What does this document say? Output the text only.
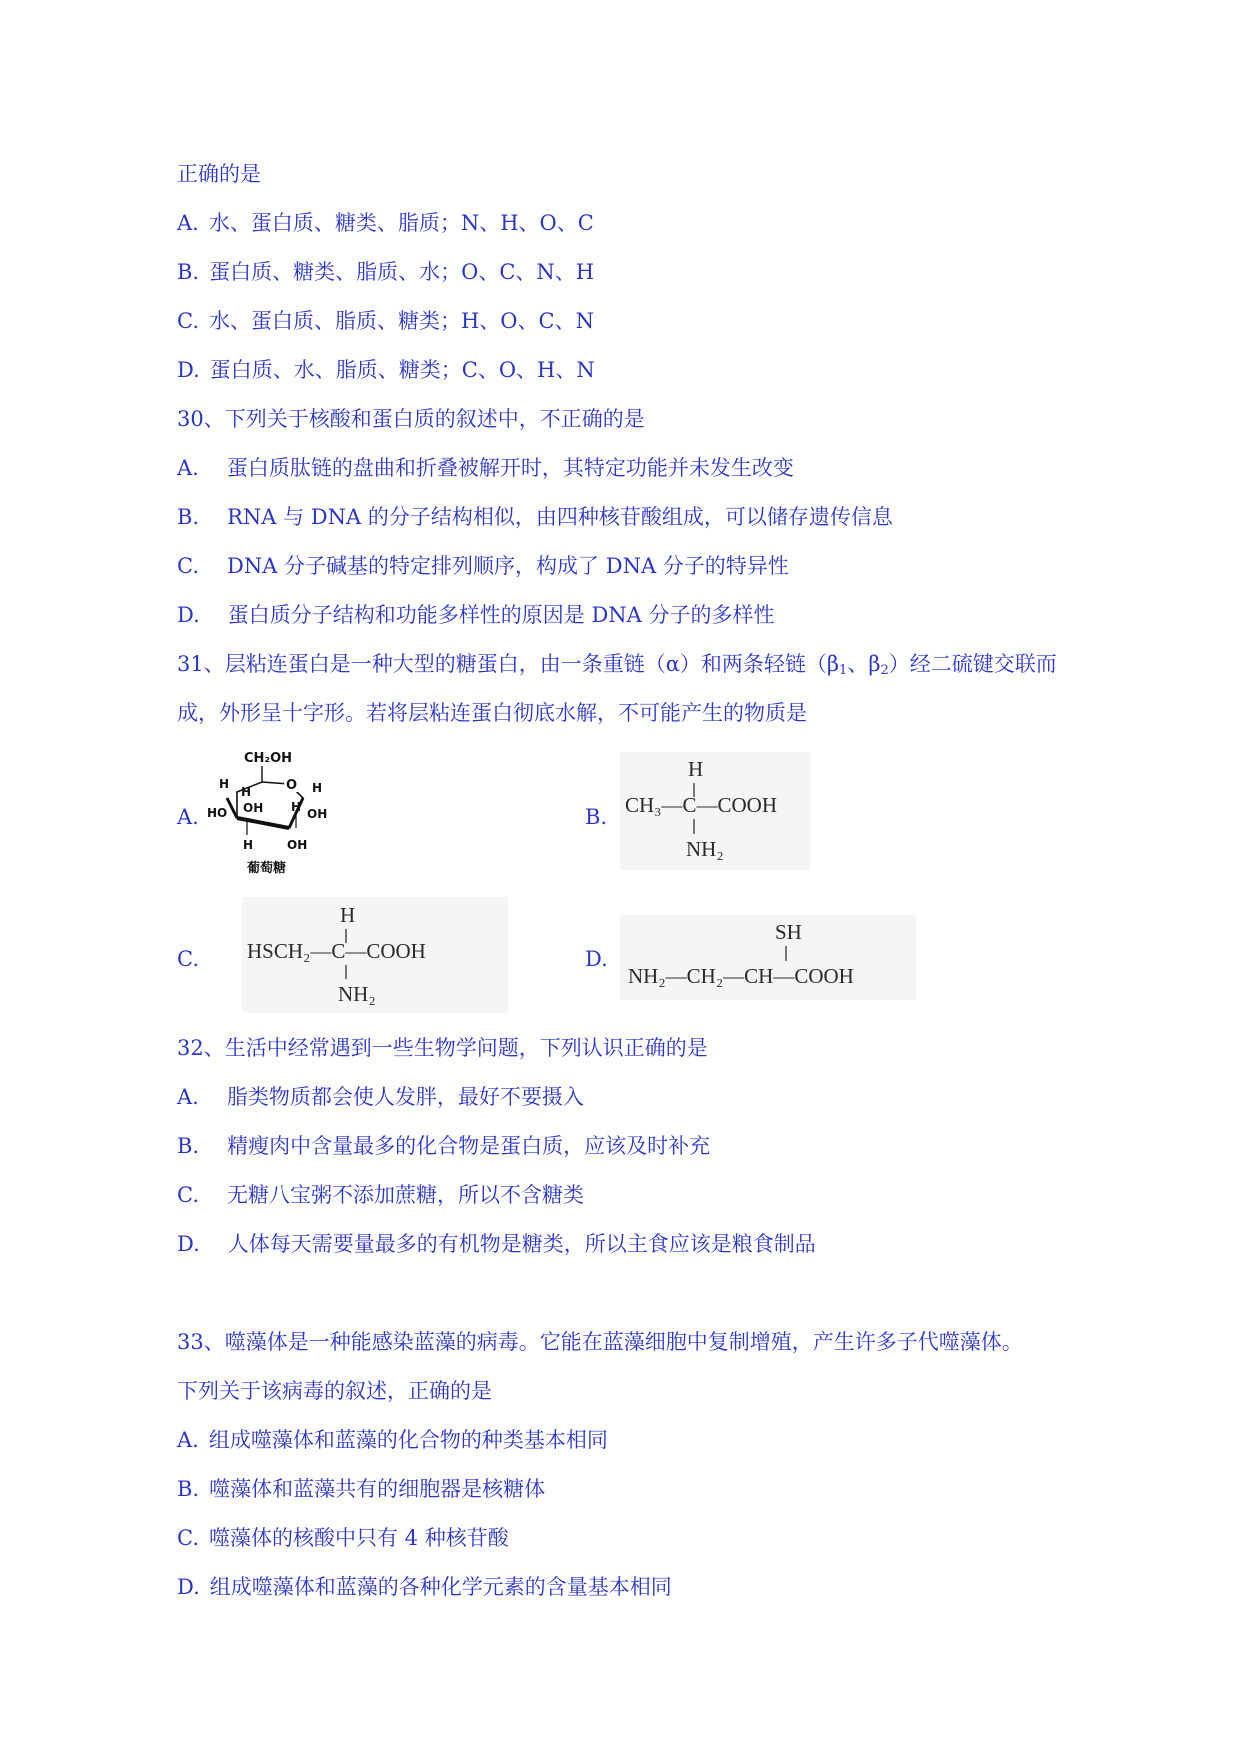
正确的是
A. 水、蛋白质、糖类、脂质；N、H、O、C
B. 蛋白质、糖类、脂质、水；O、C、N、H
C. 水、蛋白质、脂质、糖类；H、O、C、N
D. 蛋白质、水、脂质、糖类；C、O、H、N
30、下列关于核酸和蛋白质的叙述中，不正确的是
A. 蛋白质肽链的盘曲和折叠被解开时，其特定功能并未发生改变
B. RNA 与 DNA 的分子结构相似，由四种核苷酸组成，可以储存遗传信息
C. DNA 分子碱基的特定排列顺序，构成了 DNA 分子的特异性
D. 蛋白质分子结构和功能多样性的原因是 DNA 分子的多样性
31、层粘连蛋白是一种大型的糖蛋白，由一条重链（α）和两条轻链（$\beta_1$、$\beta_2$）经二硫键交联而
成，外形呈十字形。若将层粘连蛋白彻底水解，不可能产生的物质是
A.
CH₂OH
O
H
H	H
H
OH
HO	OH
H	OH
葡萄糖
B.
H
CH₃—C—COOH
NH₂
C.
H
HSCH₂—C—COOH
NH₂
D.
SH
NH₂—CH₂—CH—COOH
32、生活中经常遇到一些生物学问题，下列认识正确的是
A. 脂类物质都会使人发胖，最好不要摄入
B. 精瘦肉中含量最多的化合物是蛋白质，应该及时补充
C. 无糖八宝粥不添加蔗糖，所以不含糖类
D. 人体每天需要量最多的有机物是糖类，所以主食应该是粮食制品
33、噬藻体是一种能感染蓝藻的病毒。它能在蓝藻细胞中复制增殖，产生许多子代噬藻体。
下列关于该病毒的叙述，正确的是
A. 组成噬藻体和蓝藻的化合物的种类基本相同
B. 噬藻体和蓝藻共有的细胞器是核糖体
C. 噬藻体的核酸中只有 4 种核苷酸
D. 组成噬藻体和蓝藻的各种化学元素的含量基本相同
